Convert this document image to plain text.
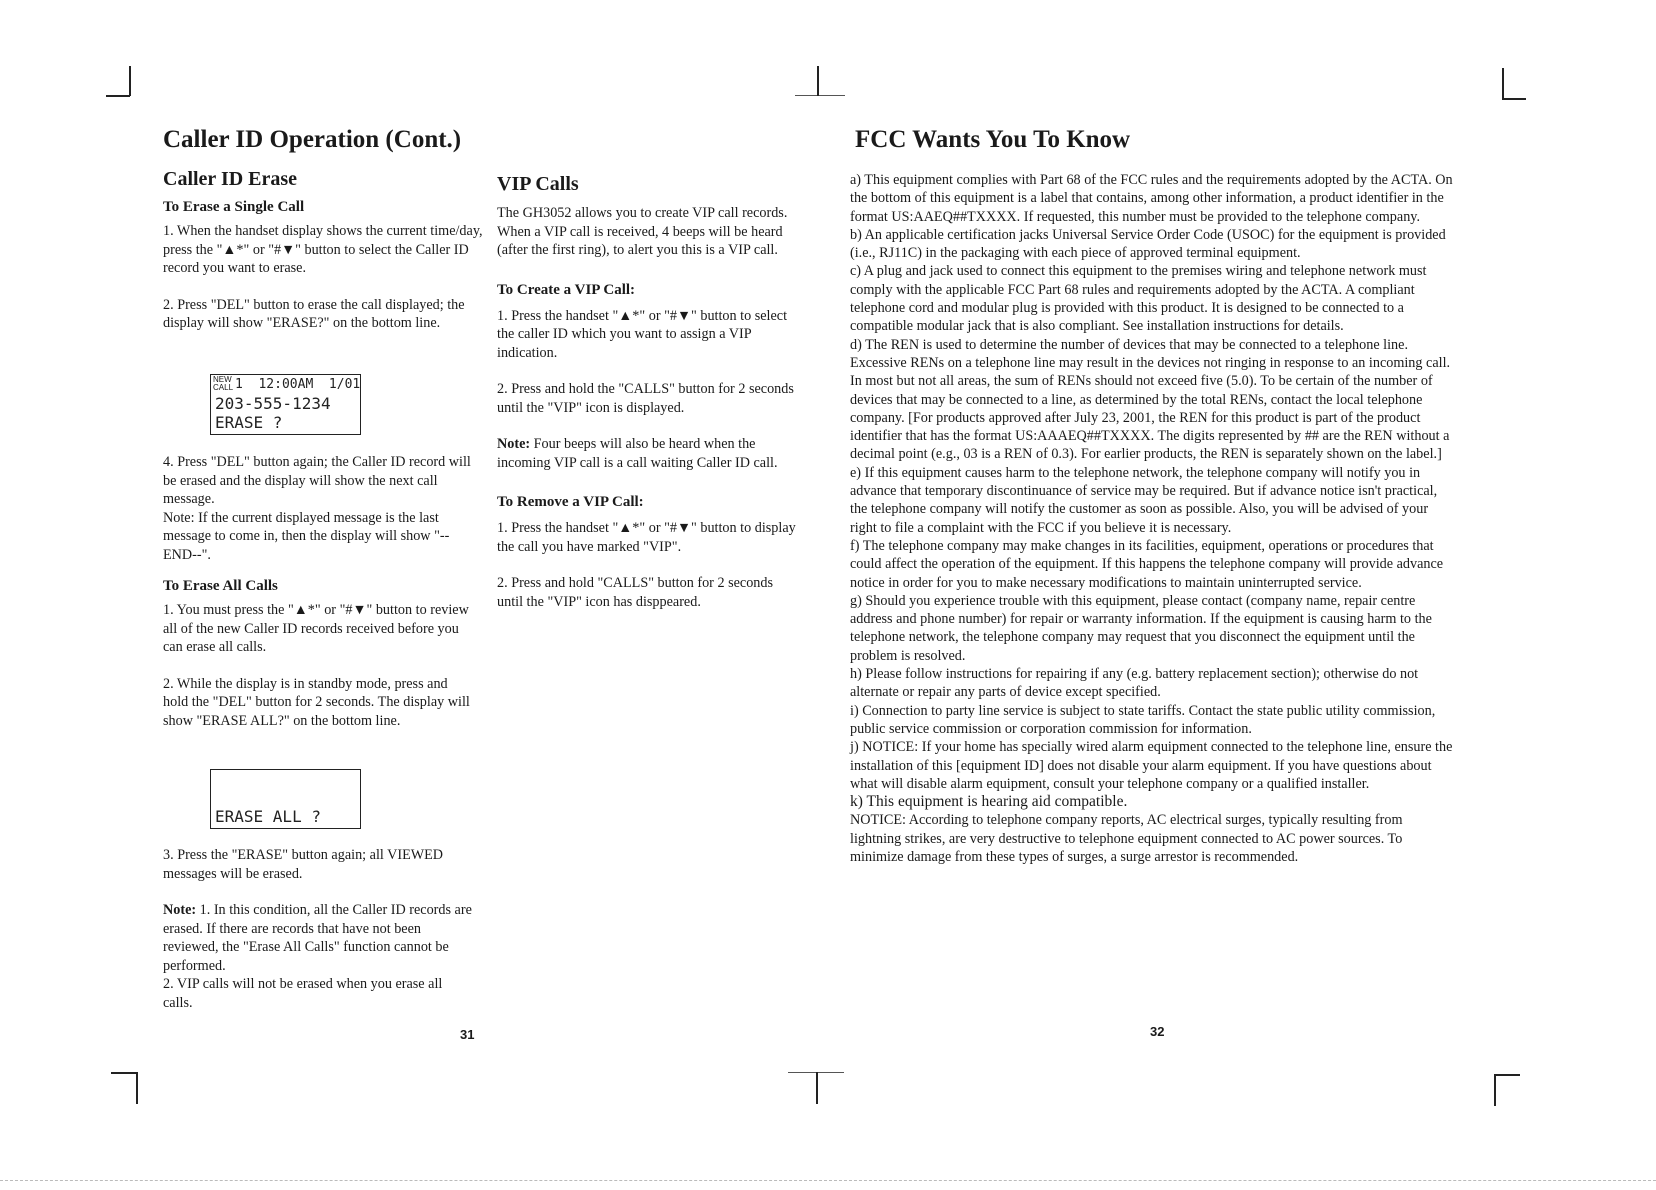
Caller ID Operation (Cont.)
Caller ID Erase
To Erase a Single Call

1. When the handset display shows the current time/day, press the "▲*" or "#▼" button to select the Caller ID record you want to erase.

2. Press "DEL" button to erase the call displayed; the display will show "ERASE?" on the bottom line.

NEW CALL 1  12:00AM  1/01
203-555-1234
ERASE ?

4. Press "DEL" button again; the Caller ID record will be erased and the display will show the next call message.

Note: If the current displayed message is the last message to come in, then the display will show "--END--".

To Erase All Calls

1. You must press the "▲*" or "#▼" button to review all of the new Caller ID records received before you can erase all calls.

2. While the display is in standby mode, press and hold the "DEL" button for 2 seconds. The display will show "ERASE ALL?" on the bottom line.

ERASE ALL ?

3. Press the "ERASE" button again; all VIEWED messages will be erased.

Note: 1. In this condition, all the Caller ID records are erased. If there are records that have not been reviewed, the "Erase All Calls" function cannot be performed.

2. VIP calls will not be erased when you erase all calls.

VIP Calls

The GH3052 allows you to create VIP call records. When a VIP call is received, 4 beeps will be heard (after the first ring), to alert you this is a VIP call.

To Create a VIP Call:

1. Press the handset "▲*" or "#▼" button to select the caller ID which you want to assign a VIP indication.

2. Press and hold the "CALLS" button for 2 seconds until the "VIP" icon is displayed.

Note: Four beeps will also be heard when the incoming VIP call is a call waiting Caller ID call.

To Remove a VIP Call:

1. Press the handset "▲*" or "#▼" button to display the call you have marked "VIP".

2. Press and hold "CALLS" button for 2 seconds until the "VIP" icon has disppeared.

31
FCC Wants You To Know

a) This equipment complies with Part 68 of the FCC rules and the requirements adopted by the ACTA. On the bottom of this equipment is a label that contains, among other information, a product identifier in the format US:AAEQ##TXXXX. If requested, this number must be provided to the telephone company.

b) An applicable certification jacks Universal Service Order Code (USOC) for the equipment is provided (i.e., RJ11C) in the packaging with each piece of approved terminal equipment.

c) A plug and jack used to connect this equipment to the premises wiring and telephone network must comply with the applicable FCC Part 68 rules and requirements adopted by the ACTA. A compliant telephone cord and modular plug is provided with this product. It is designed to be connected to a compatible modular jack that is also compliant. See installation instructions for details.

d) The REN is used to determine the number of devices that may be connected to a telephone line. Excessive RENs on a telephone line may result in the devices not ringing in response to an incoming call. In most but not all areas, the sum of RENs should not exceed five (5.0). To be certain of the number of devices that may be connected to a line, as determined by the total RENs, contact the local telephone company. [For products approved after July 23, 2001, the REN for this product is part of the product identifier that has the format US:AAAEQ##TXXXX. The digits represented by ## are the REN without a decimal point (e.g., 03 is a REN of 0.3). For earlier products, the REN is separately shown on the label.]

e) If this equipment causes harm to the telephone network, the telephone company will notify you in advance that temporary discontinuance of service may be required. But if advance notice isn't practical, the telephone company will notify the customer as soon as possible. Also, you will be advised of your right to file a complaint with the FCC if you believe it is necessary.

f) The telephone company may make changes in its facilities, equipment, operations or procedures that could affect the operation of the equipment. If this happens the telephone company will provide advance notice in order for you to make necessary modifications to maintain uninterrupted service.

g) Should you experience trouble with this equipment, please contact (company name, repair centre address and phone number) for repair or warranty information. If the equipment is causing harm to the telephone network, the telephone company may request that you disconnect the equipment until the problem is resolved.

h) Please follow instructions for repairing if any (e.g. battery replacement section); otherwise do not alternate or repair any parts of device except specified.

i) Connection to party line service is subject to state tariffs. Contact the state public utility commission, public service commission or corporation commission for information.

j) NOTICE: If your home has specially wired alarm equipment connected to the telephone line, ensure the installation of this [equipment ID] does not disable your alarm equipment. If you have questions about what will disable alarm equipment, consult your telephone company or a qualified installer.

k) This equipment is hearing aid compatible.

NOTICE: According to telephone company reports, AC electrical surges, typically resulting from lightning strikes, are very destructive to telephone equipment connected to AC power sources. To minimize damage from these types of surges, a surge arrestor is recommended.

32
